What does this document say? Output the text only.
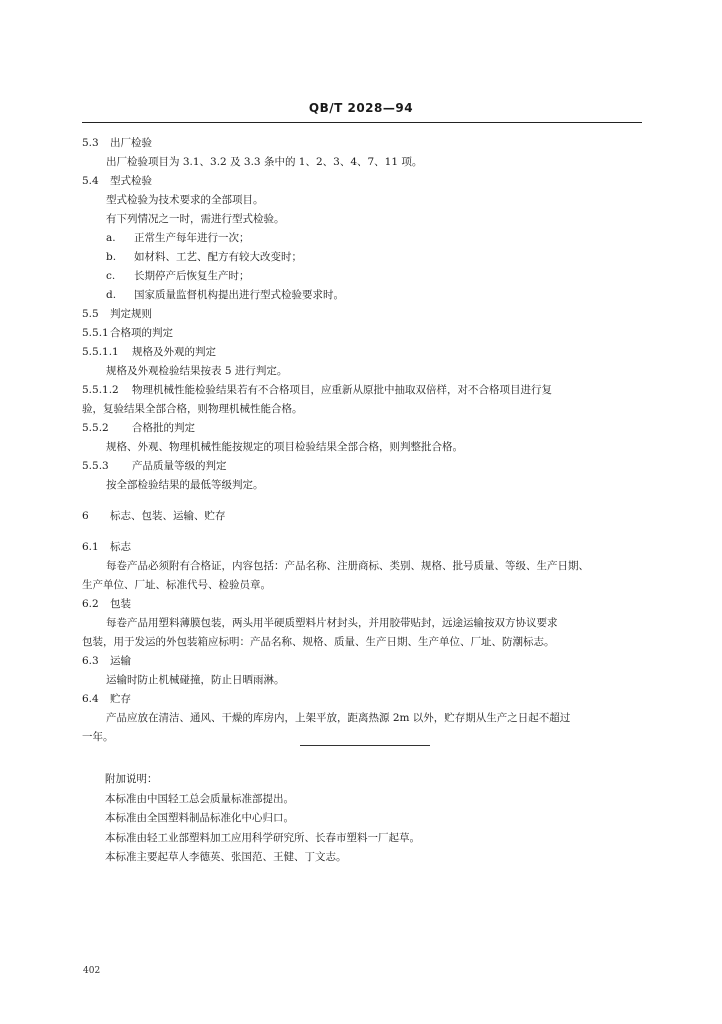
QB/T 2028—94
5.3 出厂检验
出厂检验项目为 3.1、3.2 及 3.3 条中的 1、2、3、4、7、11 项。
5.4 型式检验
型式检验为技术要求的全部项目。
有下列情况之一时，需进行型式检验。
a. 正常生产每年进行一次；
b. 如材料、工艺、配方有较大改变时；
c. 长期停产后恢复生产时；
d. 国家质量监督机构提出进行型式检验要求时。
5.5 判定规则
5.5.1合格项的判定
5.5.1.1 规格及外观的判定
规格及外观检验结果按表 5 进行判定。
5.5.1.2 物理机械性能检验结果若有不合格项目，应重新从原批中抽取双倍样，对不合格项目进行复
验，复验结果全部合格，则物理机械性能合格。
5.5.2 合格批的判定
规格、外观、物理机械性能按规定的项目检验结果全部合格，则判整批合格。
5.5.3 产品质量等级的判定
按全部检验结果的最低等级判定。
6 标志、包装、运输、贮存
6.1 标志
每卷产品必须附有合格证，内容包括：产品名称、注册商标、类别、规格、批号质量、等级、生产日期、
生产单位、厂址、标准代号、检验员章。
6.2 包装
每卷产品用塑料薄膜包装，两头用半硬质塑料片材封头，并用胶带贴封，远途运输按双方协议要求
包装，用于发运的外包装箱应标明：产品名称、规格、质量、生产日期、生产单位、厂址、防潮标志。
6.3 运输
运输时防止机械碰撞，防止日晒雨淋。
6.4 贮存
产品应放在清洁、通风、干燥的库房内，上架平放，距离热源 2m 以外，贮存期从生产之日起不超过
一年。
附加说明：
本标准由中国轻工总会质量标准部提出。
本标准由全国塑料制品标准化中心归口。
本标准由轻工业部塑料加工应用科学研究所、长春市塑料一厂起草。
本标准主要起草人李德英、张国范、王健、丁文志。
402
